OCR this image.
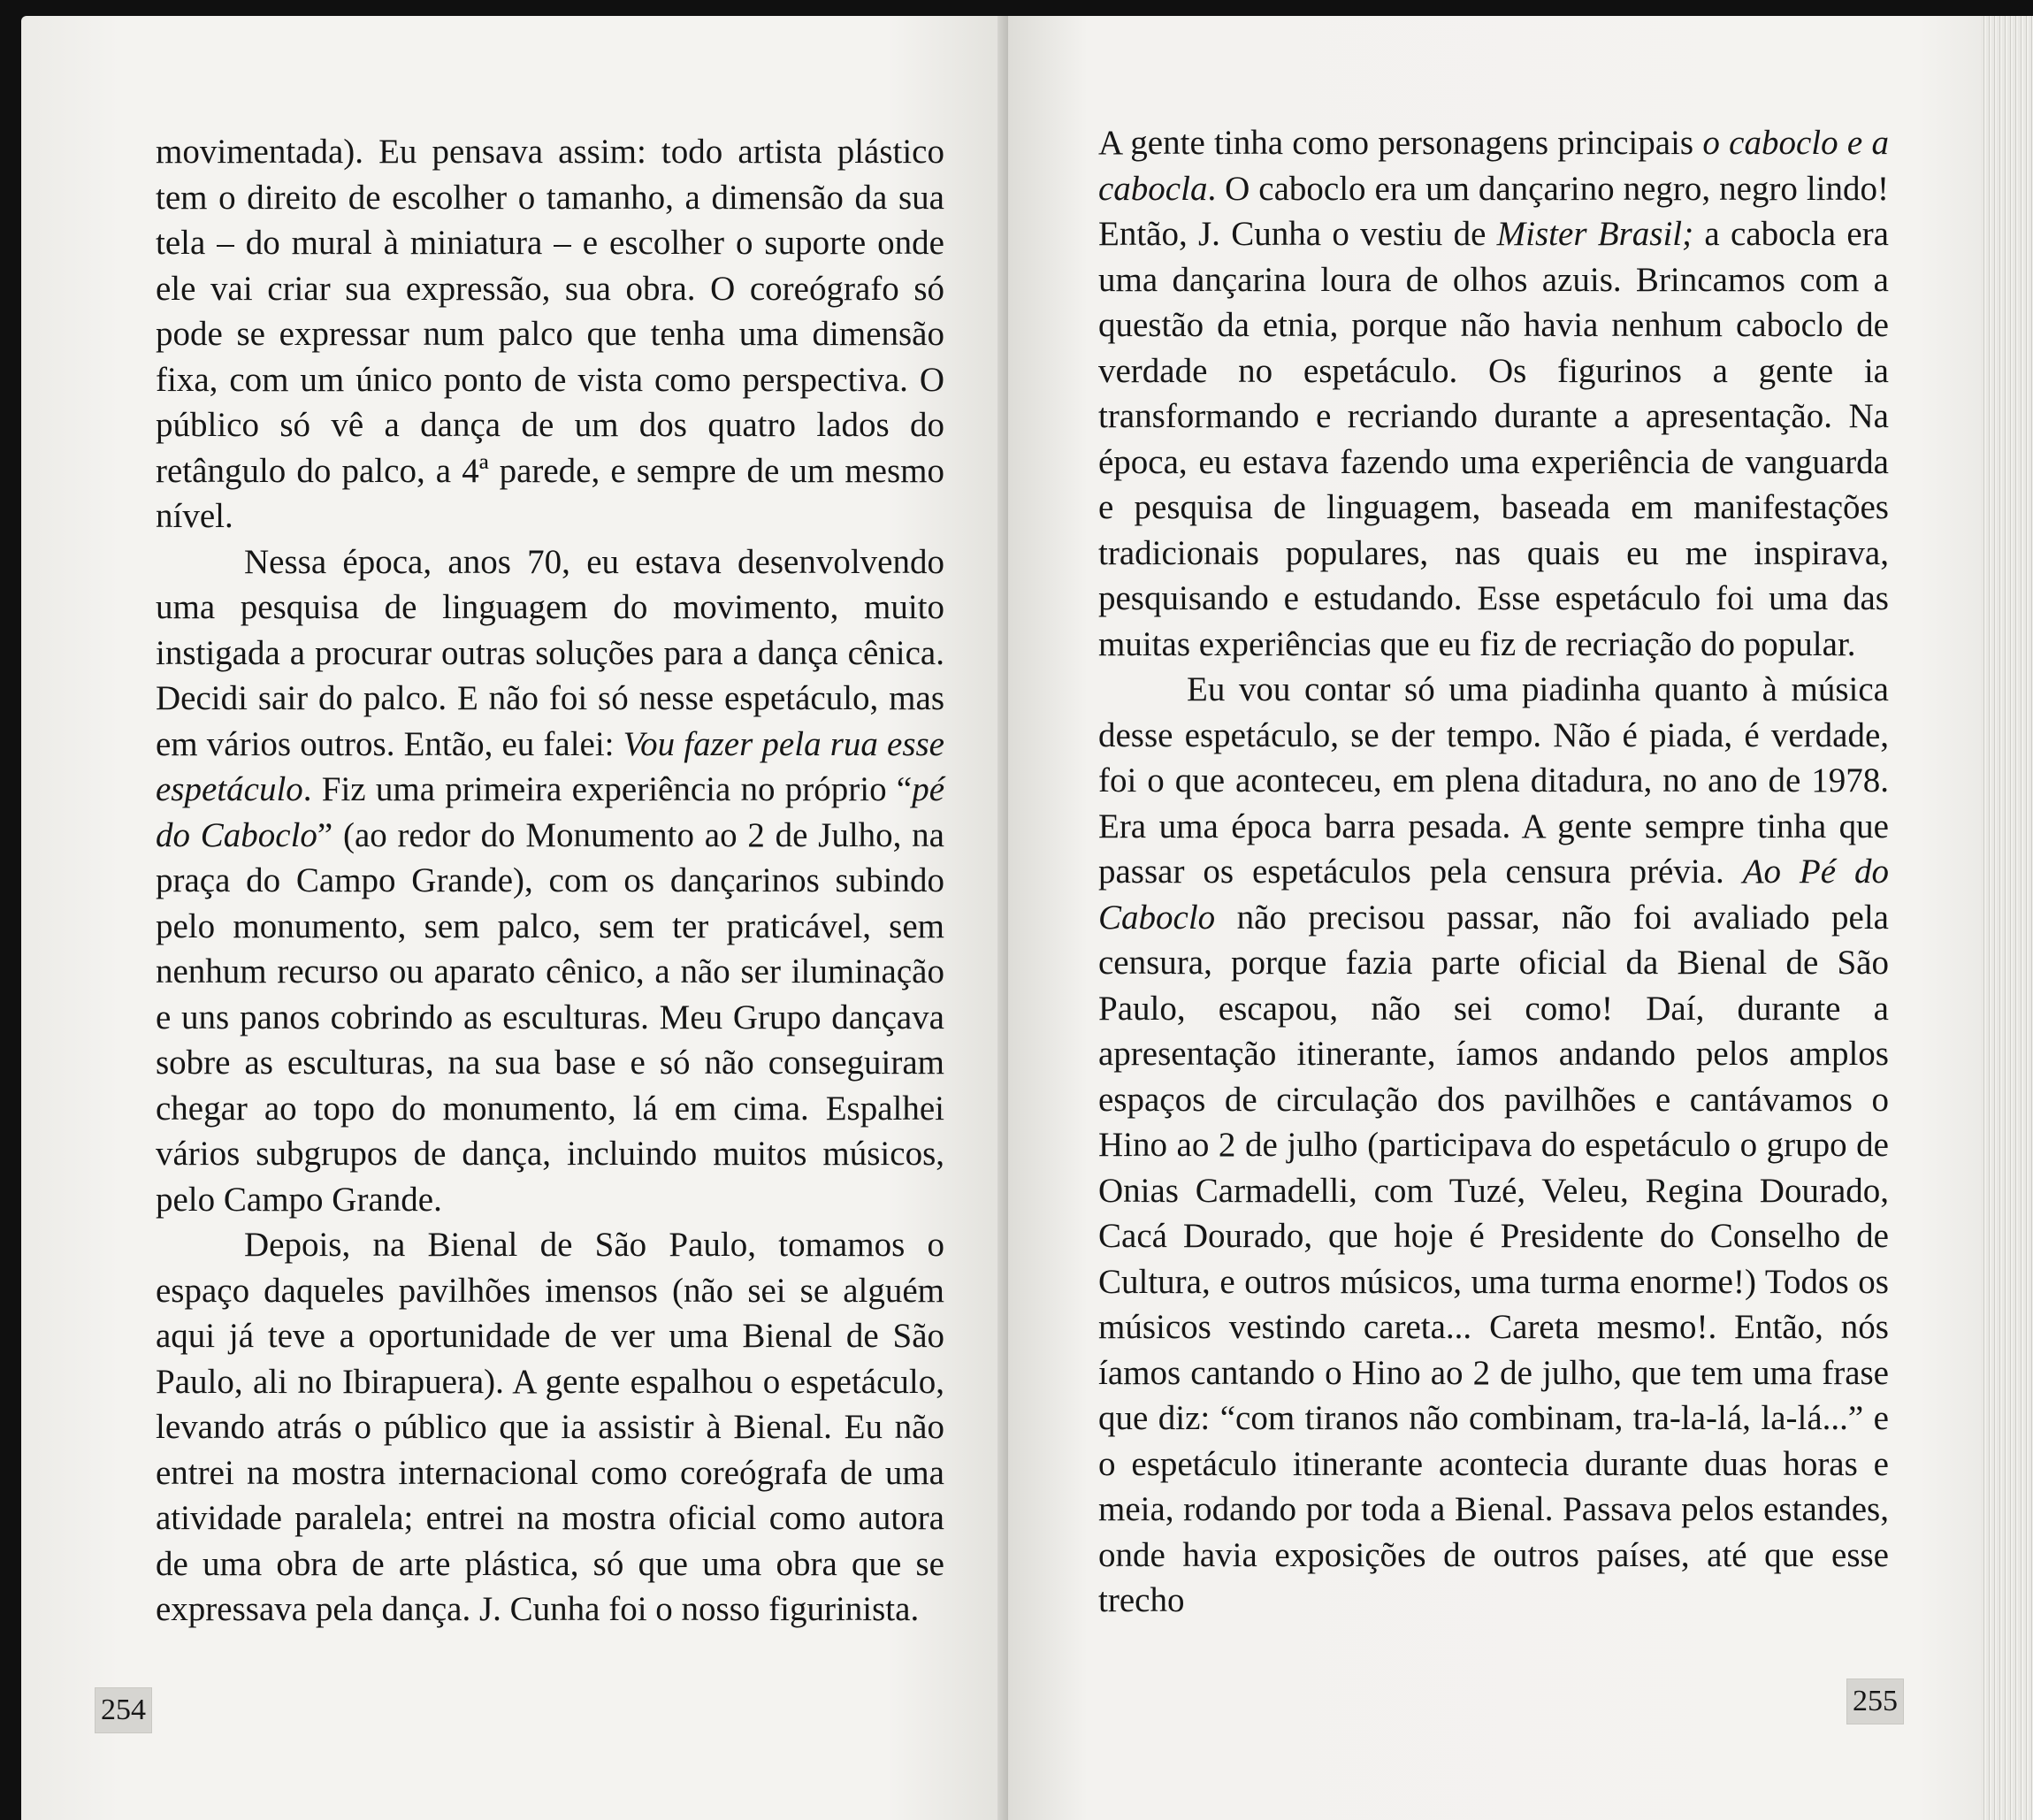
movimentada). Eu pensava assim: todo artista plástico tem o direito de escolher o tamanho, a dimensão da sua tela – do mural à miniatura – e escolher o suporte onde ele vai criar sua expressão, sua obra. O coreógrafo só pode se expressar num palco que tenha uma dimensão fixa, com um único ponto de vista como perspectiva. O público só vê a dança de um dos quatro lados do retângulo do palco, a 4ª parede, e sempre de um mesmo nível.

Nessa época, anos 70, eu estava desenvolvendo uma pesquisa de linguagem do movimento, muito instigada a procurar outras soluções para a dança cênica. Decidi sair do palco. E não foi só nesse espetáculo, mas em vários outros. Então, eu falei: Vou fazer pela rua esse espetáculo. Fiz uma primeira experiência no próprio “pé do Caboclo” (ao redor do Monumento ao 2 de Julho, na praça do Campo Grande), com os dançarinos subindo pelo monumento, sem palco, sem ter praticável, sem nenhum recurso ou aparato cênico, a não ser iluminação e uns panos cobrindo as esculturas. Meu Grupo dançava sobre as esculturas, na sua base e só não conseguiram chegar ao topo do monumento, lá em cima. Espalhei vários subgrupos de dança, incluindo muitos músicos, pelo Campo Grande.

Depois, na Bienal de São Paulo, tomamos o espaço daqueles pavilhões imensos (não sei se alguém aqui já teve a oportunidade de ver uma Bienal de São Paulo, ali no Ibirapuera). A gente espalhou o espetáculo, levando atrás o público que ia assistir à Bienal. Eu não entrei na mostra internacional como coreógrafa de uma atividade paralela; entrei na mostra oficial como autora de uma obra de arte plástica, só que uma obra que se expressava pela dança. J. Cunha foi o nosso figurinista.

254

A gente tinha como personagens principais o caboclo e a cabocla. O caboclo era um dançarino negro, negro lindo! Então, J. Cunha o vestiu de Mister Brasil; a cabocla era uma dançarina loura de olhos azuis. Brincamos com a questão da etnia, porque não havia nenhum caboclo de verdade no espetáculo. Os figurinos a gente ia transformando e recriando durante a apresentação. Na época, eu estava fazendo uma experiência de vanguarda e pesquisa de linguagem, baseada em manifestações tradicionais populares, nas quais eu me inspirava, pesquisando e estudando. Esse espetáculo foi uma das muitas experiências que eu fiz de recriação do popular.

Eu vou contar só uma piadinha quanto à música desse espetáculo, se der tempo. Não é piada, é verdade, foi o que aconteceu, em plena ditadura, no ano de 1978. Era uma época barra pesada. A gente sempre tinha que passar os espetáculos pela censura prévia. Ao Pé do Caboclo não precisou passar, não foi avaliado pela censura, porque fazia parte oficial da Bienal de São Paulo, escapou, não sei como! Daí, durante a apresentação itinerante, íamos andando pelos amplos espaços de circulação dos pavilhões e cantávamos o Hino ao 2 de julho (participava do espetáculo o grupo de Onias Carmadelli, com Tuzé, Veleu, Regina Dourado, Cacá Dourado, que hoje é Presidente do Conselho de Cultura, e outros músicos, uma turma enorme!) Todos os músicos vestindo careta... Careta mesmo!. Então, nós íamos cantando o Hino ao 2 de julho, que tem uma frase que diz: “com tiranos não combinam, tra-la-lá, la-lá...” e o espetáculo itinerante acontecia durante duas horas e meia, rodando por toda a Bienal. Passava pelos estandes, onde havia exposições de outros países, até que esse trecho

255
